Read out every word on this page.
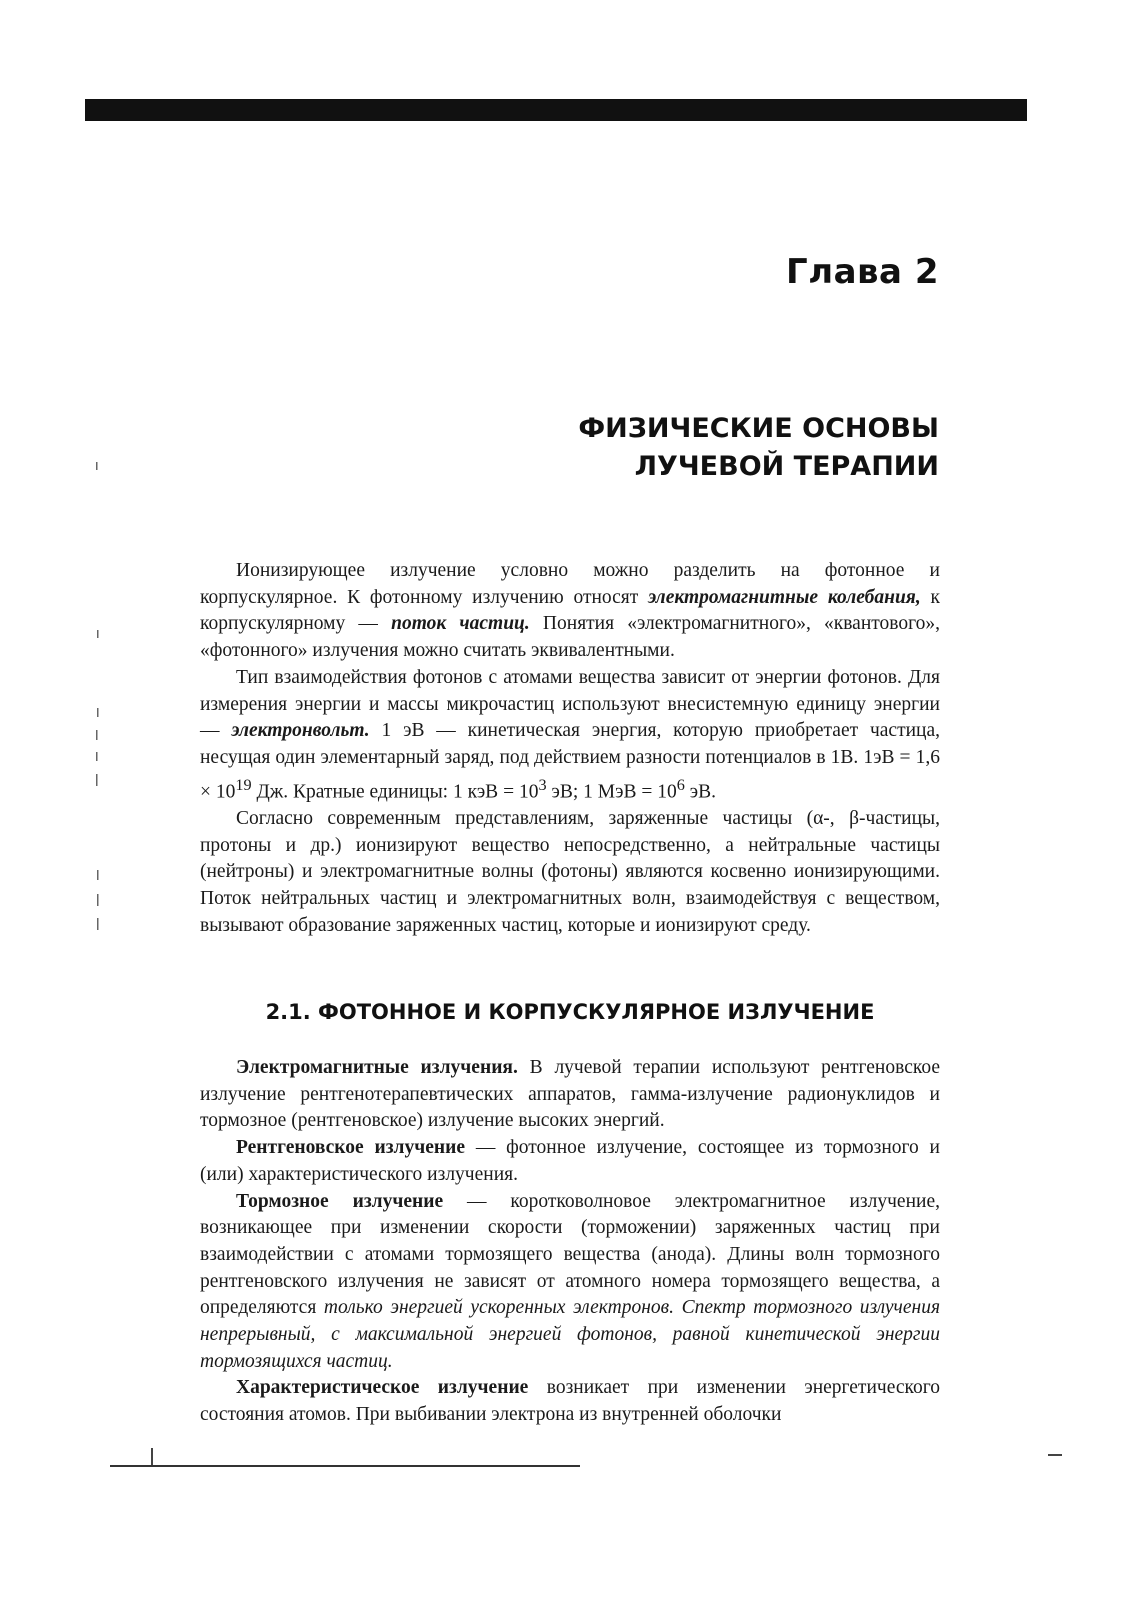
Глава 2
ФИЗИЧЕСКИЕ ОСНОВЫ
ЛУЧЕВОЙ ТЕРАПИИ

Ионизирующее излучение условно можно разделить на фотонное и корпускулярное. К фотонному излучению относят электромагнитные колебания, к корпускулярному — поток частиц. Понятия «электромагнитного», «квантового», «фотонного» излучения можно считать эквивалентными.

Тип взаимодействия фотонов с атомами вещества зависит от энергии фотонов. Для измерения энергии и массы микрочастиц используют внесистемную единицу энергии — электронвольт. 1 эВ — кинетическая энергия, которую приобретает частица, несущая один элементарный заряд, под действием разности потенциалов в 1В. $1эВ = 1,6 \times 10^{19}$ Дж. Кратные единицы: 1 кэВ = $10^3$ эВ; 1 МэВ = $10^6$ эВ.

Согласно современным представлениям, заряженные частицы (α-, β-частицы, протоны и др.) ионизируют вещество непосредственно, а нейтральные частицы (нейтроны) и электромагнитные волны (фотоны) являются косвенно ионизирующими. Поток нейтральных частиц и электромагнитных волн, взаимодействуя с веществом, вызывают образование заряженных частиц, которые и ионизируют среду.

2.1. ФОТОННОЕ И КОРПУСКУЛЯРНОЕ ИЗЛУЧЕНИЕ

Электромагнитные излучения. В лучевой терапии используют рентгеновское излучение рентгенотерапевтических аппаратов, гамма-излучение радионуклидов и тормозное (рентгеновское) излучение высоких энергий.

Рентгеновское излучение — фотонное излучение, состоящее из тормозного и (или) характеристического излучения.

Тормозное излучение — коротковолновое электромагнитное излучение, возникающее при изменении скорости (торможении) заряженных частиц при взаимодействии с атомами тормозящего вещества (анода). Длины волн тормозного рентгеновского излучения не зависят от атомного номера тормозящего вещества, а определяются только энергией ускоренных электронов. Спектр тормозного излучения непрерывный, с максимальной энергией фотонов, равной кинетической энергии тормозящихся частиц.

Характеристическое излучение возникает при изменении энергетического состояния атомов. При выбивании электрона из внутренней оболочки
